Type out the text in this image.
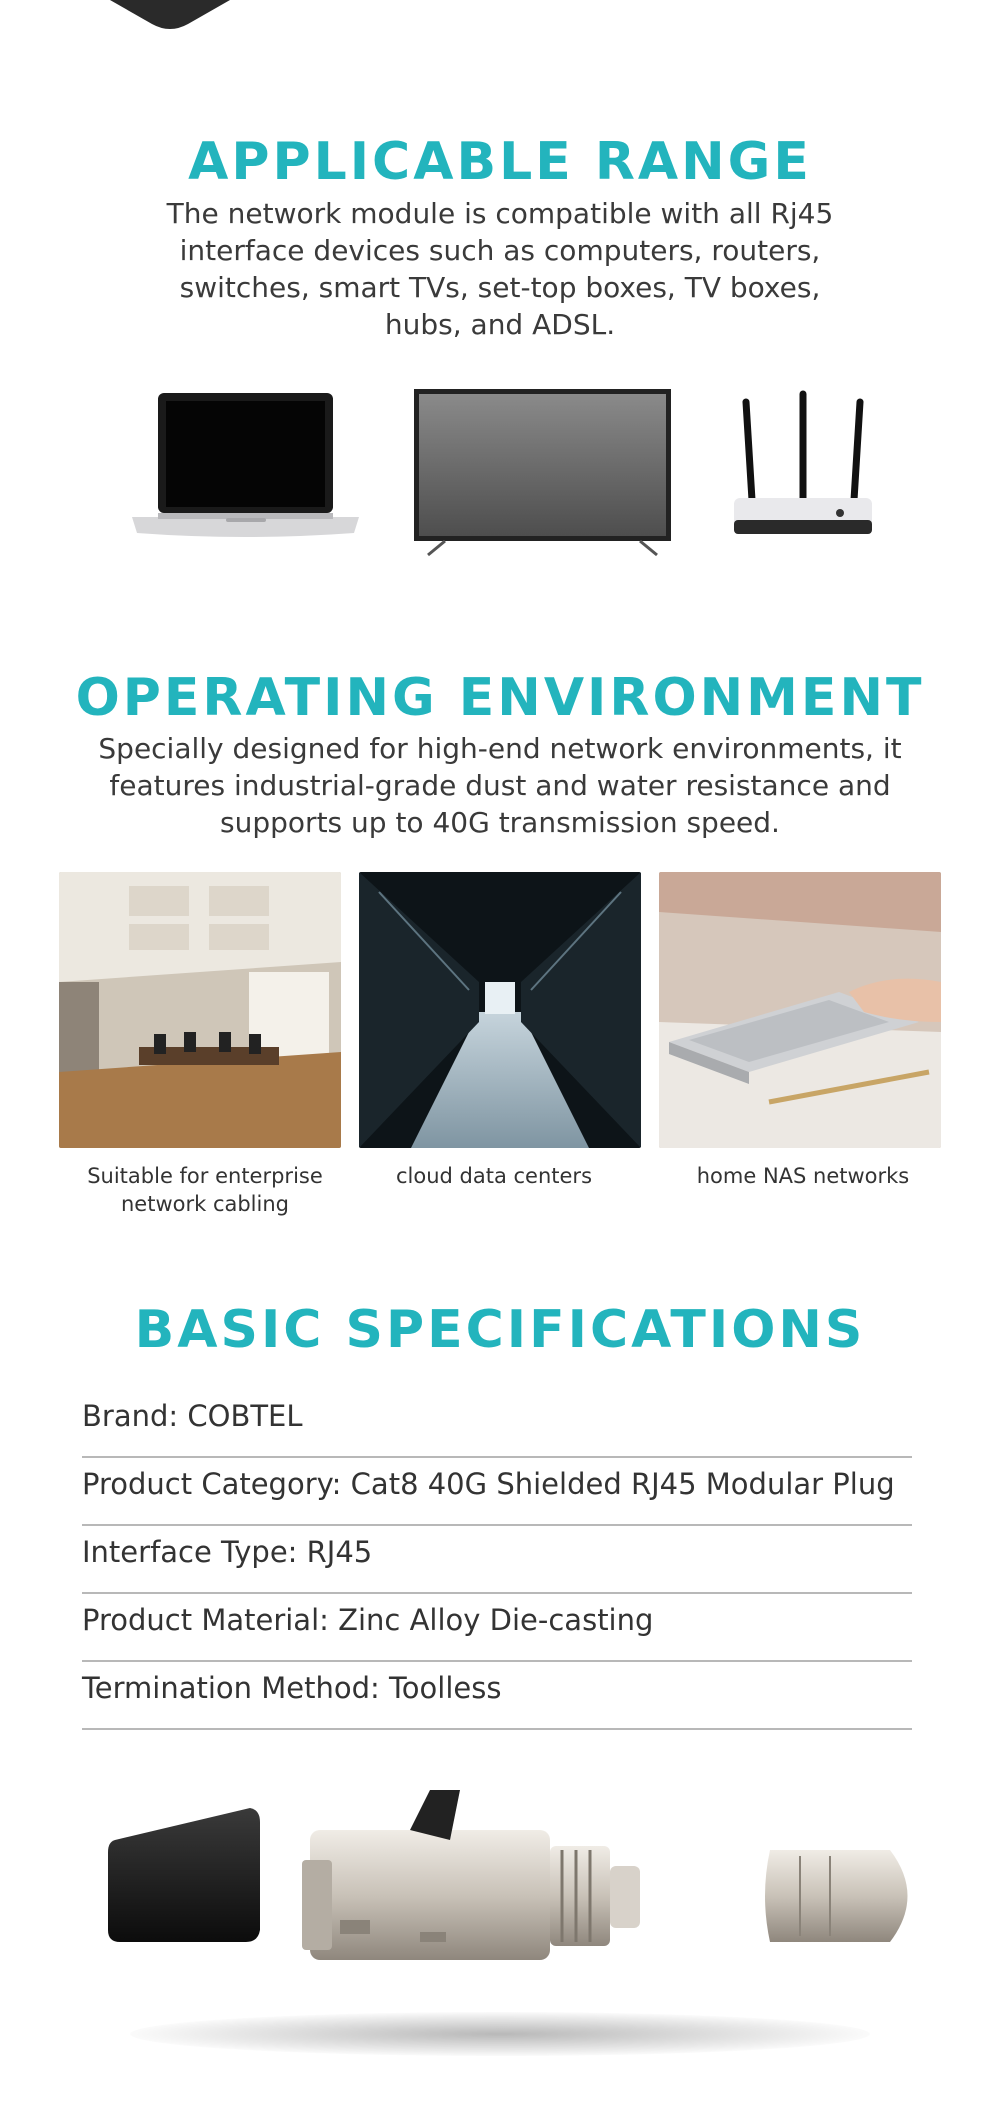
APPLICABLE RANGE

The network module is compatible with all Rj45 interface devices such as computers, routers, switches, smart TVs, set-top boxes, TV boxes, hubs, and ADSL.

OPERATING ENVIRONMENT

Specially designed for high-end network environments, it features industrial-grade dust and water resistance and supports up to 40G transmission speed.

Suitable for enterprise network cabling
cloud data centers	home NAS networks
BASIC SPECIFICATIONS
Brand: COBTEL
Product Category: Cat8 40G Shielded RJ45 Modular Plug
Interface Type: RJ45
Product Material: Zinc Alloy Die-casting
Termination Method: Toolless
